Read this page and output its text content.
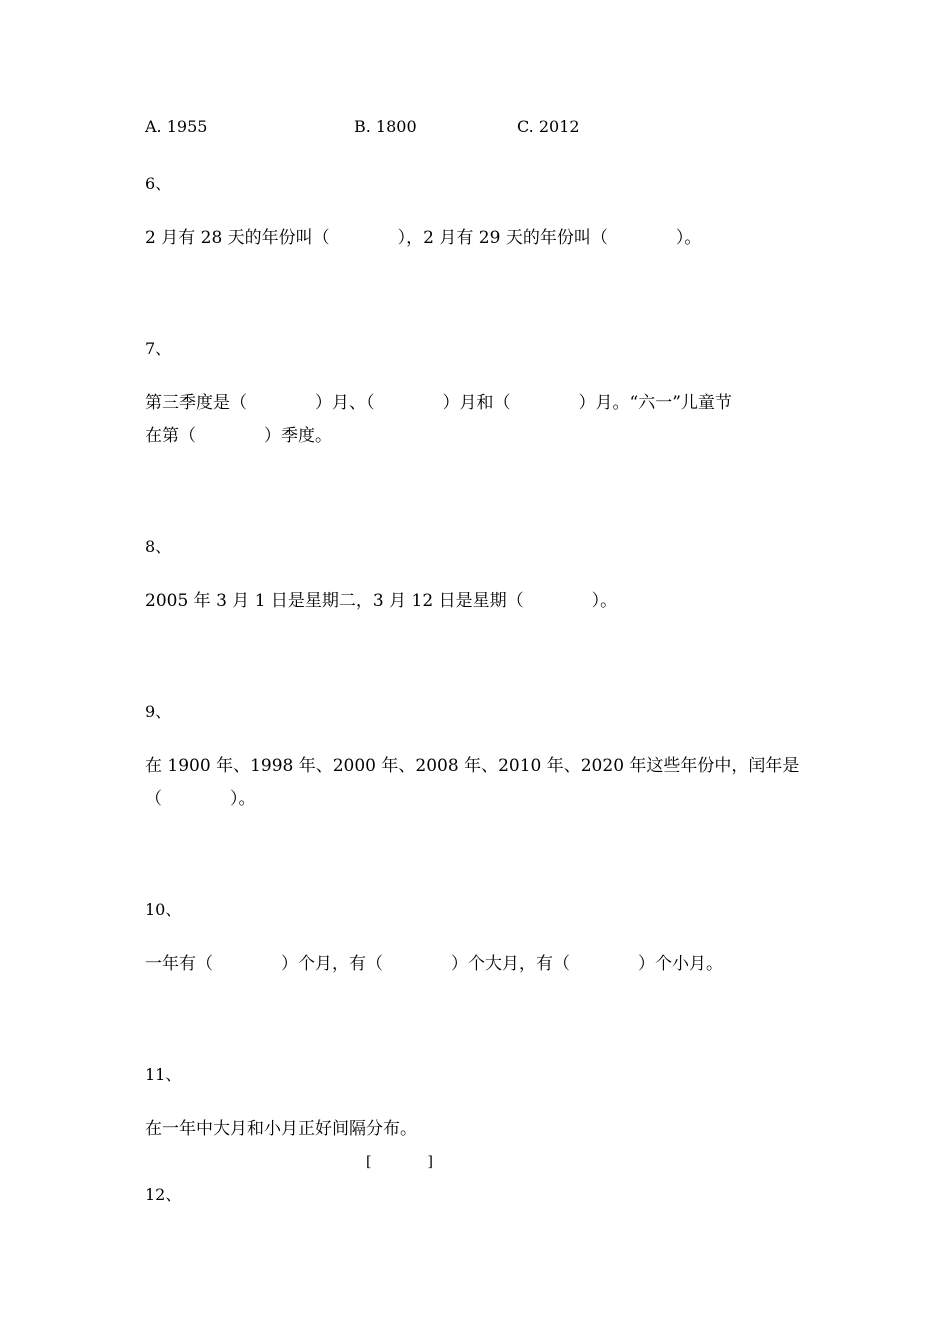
A. 1955	B. 1800	C. 2012
6、
2 月有 28 天的年份叫（　　　　），2 月有 29 天的年份叫（　　　　）。
7、
第三季度是（　　　　）月、（　　　　）月和（　　　　）月。“六一”儿童节
在第（　　　　）季度。
8、
2005 年 3 月 1 日是星期二，3 月 12 日是星期（　　　　）。
9、
在 1900 年、1998 年、2000 年、2008 年、2010 年、2020 年这些年份中，闰年是
（　　　　）。
10、
一年有（　　　　）个月，有（　　　　）个大月，有（　　　　）个小月。
11、
在一年中大月和小月正好间隔分布。
[　　　　]
12、
